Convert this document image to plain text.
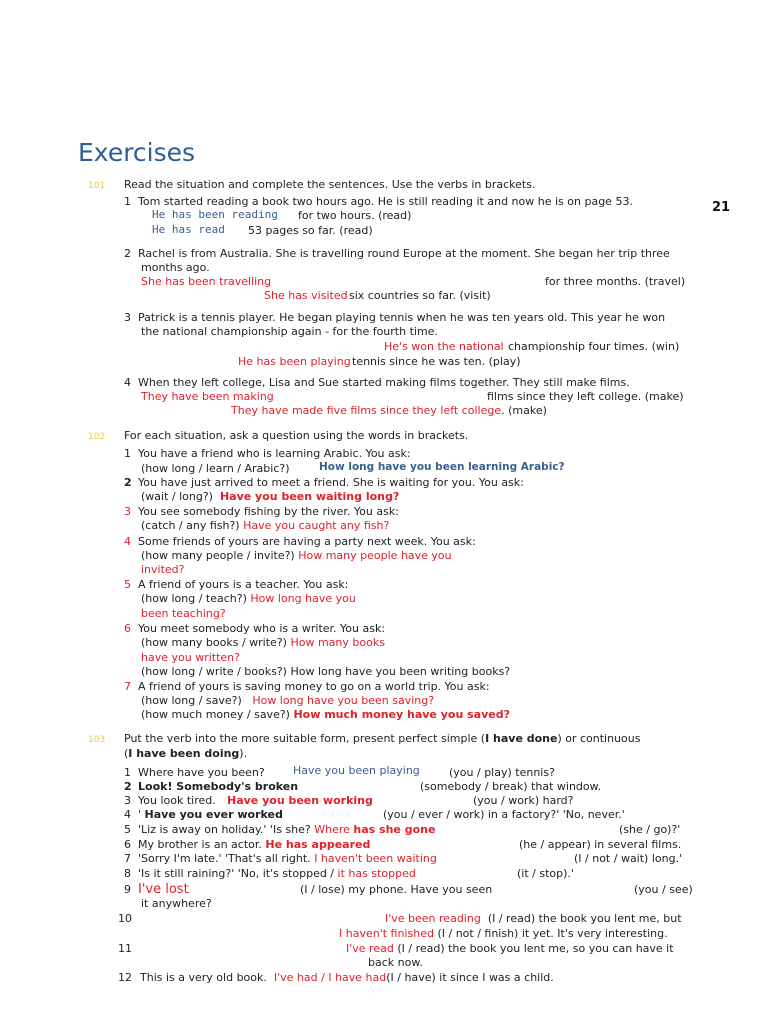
Exercises
21
101 Read the situation and complete the sentences. Use the verbs in brackets.
1 Tom started reading a book two hours ago. He is still reading it and now he is on page 53.
He has been reading for two hours. (read)
He has read 53 pages so far. (read)
2 Rachel is from Australia. She is travelling round Europe at the moment. She began her trip three
months ago.
She has been travelling	for three months. (travel)
She has visited six countries so far. (visit)
3 Patrick is a tennis player. He began playing tennis when he was ten years old. This year he won
the national championship again - for the fourth time.
He's won the national championship four times. (win)
He has been playing tennis since he was ten. (play)
4 When they left college, Lisa and Sue started making films together. They still make films.
They have been making	films since they left college. (make)
They have made five films since they left college. (make)
102 For each situation, ask a question using the words in brackets.
1 You have a friend who is learning Arabic. You ask:
(how long / learn / Arabic?)	How long have you been learning Arabic?
2 You have just arrived to meet a friend. She is waiting for you. You ask:
(wait / long?) Have you been waiting long?
3 You see somebody fishing by the river. You ask:
(catch / any fish?) Have you caught any fish?
4 Some friends of yours are having a party next week. You ask:
(how many people / invite?) How many people have you
invited?
5 A friend of yours is a teacher. You ask:
(how long / teach?) How long have you
been teaching?
6 You meet somebody who is a writer. You ask:
(how many books / write?) How many books
have you written?
(how long / write / books?) How long have you been writing books?
7 A friend of yours is saving money to go on a world trip. You ask:
(how long / save?) How long have you been saving?
(how much money / save?) How much money have you saved?
103 Put the verb into the more suitable form, present perfect simple (I have done) or continuous
(I have been doing).
1 Where have you been?	Have you been playing	(you / play) tennis?
2 Look! Somebody's broken	(somebody / break) that window.
3 You look tired. Have you been working	(you / work) hard?
4 ' Have you ever worked	(you / ever / work) in a factory?' 'No, never.'
5 'Liz is away on holiday.' 'Is she? Where has she gone	(she / go)?'
6 My brother is an actor. He has appeared	(he / appear) in several films.
7 'Sorry I'm late.' 'That's all right. I haven't been waiting	(I / not / wait) long.'
8 'Is it still raining?' 'No, it's stopped / it has stopped	(it / stop).'
9 I've lost	(I / lose) my phone. Have you seen	(you / see)
it anywhere?
10	I've been reading (I / read) the book you lent me, but
I haven't finished (I / not / finish) it yet. It's very interesting.
11	I've read (I / read) the book you lent me, so you can have it
back now.
12 This is a very old book. I've had / I have had(I / have) it since I was a child.
